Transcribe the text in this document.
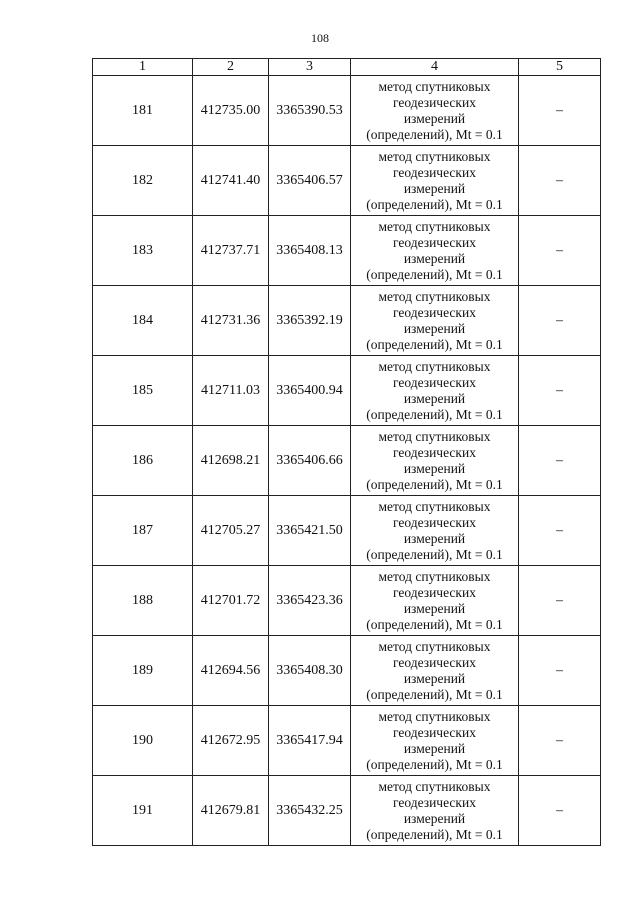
108
1	2	3	4	5
181	412735.00	3365390.53	метод спутниковых
геодезических
измерений
(определений), Mt = 0.1	–
182	412741.40	3365406.57	метод спутниковых
геодезических
измерений
(определений), Mt = 0.1	–
183	412737.71	3365408.13	метод спутниковых
геодезических
измерений
(определений), Mt = 0.1	–
184	412731.36	3365392.19	метод спутниковых
геодезических
измерений
(определений), Mt = 0.1	–
185	412711.03	3365400.94	метод спутниковых
геодезических
измерений
(определений), Mt = 0.1	–
186	412698.21	3365406.66	метод спутниковых
геодезических
измерений
(определений), Mt = 0.1	–
187	412705.27	3365421.50	метод спутниковых
геодезических
измерений
(определений), Mt = 0.1	–
188	412701.72	3365423.36	метод спутниковых
геодезических
измерений
(определений), Mt = 0.1	–
189	412694.56	3365408.30	метод спутниковых
геодезических
измерений
(определений), Mt = 0.1	–
190	412672.95	3365417.94	метод спутниковых
геодезических
измерений
(определений), Mt = 0.1	–
191	412679.81	3365432.25	метод спутниковых
геодезических
измерений
(определений), Mt = 0.1	–
